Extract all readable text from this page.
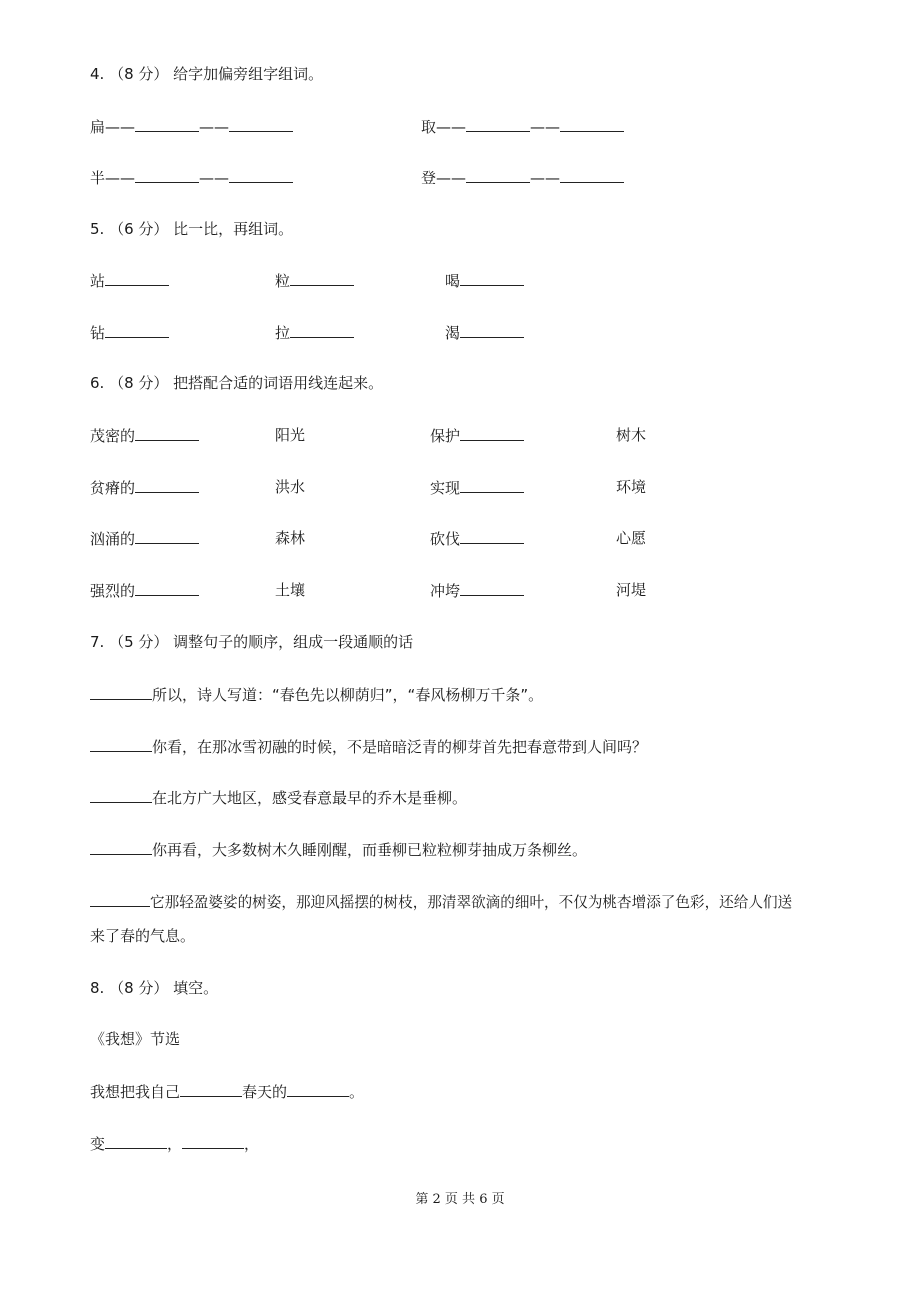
4. （8 分） 给字加偏旁组字组词。
扁——	——	取——	——
半——	——	登——	——
5. （6 分） 比一比，再组词。
站	粒	喝
钻	拉	渴
6. （8 分） 把搭配合适的词语用线连起来。
茂密的	阳光	保护	树木
贫瘠的	洪水	实现	环境
汹涌的	森林	砍伐	心愿
强烈的	土壤	冲垮	河堤
7. （5 分） 调整句子的顺序，组成一段通顺的话
所以，诗人写道：“春色先以柳荫归”，“春风杨柳万千条”。
你看，在那冰雪初融的时候，不是暗暗泛青的柳芽首先把春意带到人间吗？
在北方广大地区，感受春意最早的乔木是垂柳。
你再看，大多数树木久睡刚醒，而垂柳已粒粒柳芽抽成万条柳丝。
它那轻盈婆娑的树姿，那迎风摇摆的树枝，那清翠欲滴的细叶，不仅为桃杏增添了色彩，还给人们送
来了春的气息。
8. （8 分） 填空。
《我想》节选
我想把我自己	春天的	。
变	，	，
第 2 页 共 6 页
